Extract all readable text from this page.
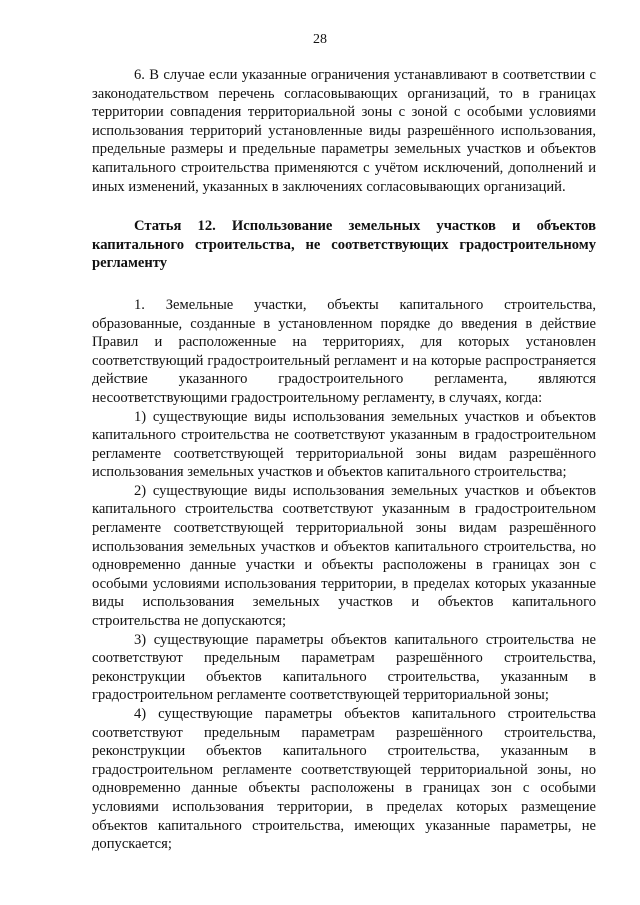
28

6. В случае если указанные ограничения устанавливают в соответствии с законодательством перечень согласовывающих организаций, то в границах территории совпадения территориальной зоны с зоной с особыми условиями использования территорий установленные виды разрешённого использования, предельные размеры и предельные параметры земельных участков и объектов капитального строительства применяются с учётом исключений, дополнений и иных изменений, указанных в заключениях согласовывающих организаций.

Статья 12. Использование земельных участков и объектов капитального строительства, не соответствующих градостроительному регламенту

1. Земельные участки, объекты капитального строительства, образованные, созданные в установленном порядке до введения в действие Правил и расположенные на территориях, для которых установлен соответствующий градостроительный регламент и на которые распространяется действие указанного градостроительного регламента, являются несоответствующими градостроительному регламенту, в случаях, когда:

1) существующие виды использования земельных участков и объектов капитального строительства не соответствуют указанным в градостроительном регламенте соответствующей территориальной зоны видам разрешённого использования земельных участков и объектов капитального строительства;

2) существующие виды использования земельных участков и объектов капитального строительства соответствуют указанным в градостроительном регламенте соответствующей территориальной зоны видам разрешённого использования земельных участков и объектов капитального строительства, но одновременно данные участки и объекты расположены в границах зон с особыми условиями использования территории, в пределах которых указанные виды использования земельных участков и объектов капитального строительства не допускаются;

3) существующие параметры объектов капитального строительства не соответствуют предельным параметрам разрешённого строительства, реконструкции объектов капитального строительства, указанным в градостроительном регламенте соответствующей территориальной зоны;

4) существующие параметры объектов капитального строительства соответствуют предельным параметрам разрешённого строительства, реконструкции объектов капитального строительства, указанным в градостроительном регламенте соответствующей территориальной зоны, но одновременно данные объекты расположены в границах зон с особыми условиями использования территории, в пределах которых размещение объектов капитального строительства, имеющих указанные параметры, не допускается;
